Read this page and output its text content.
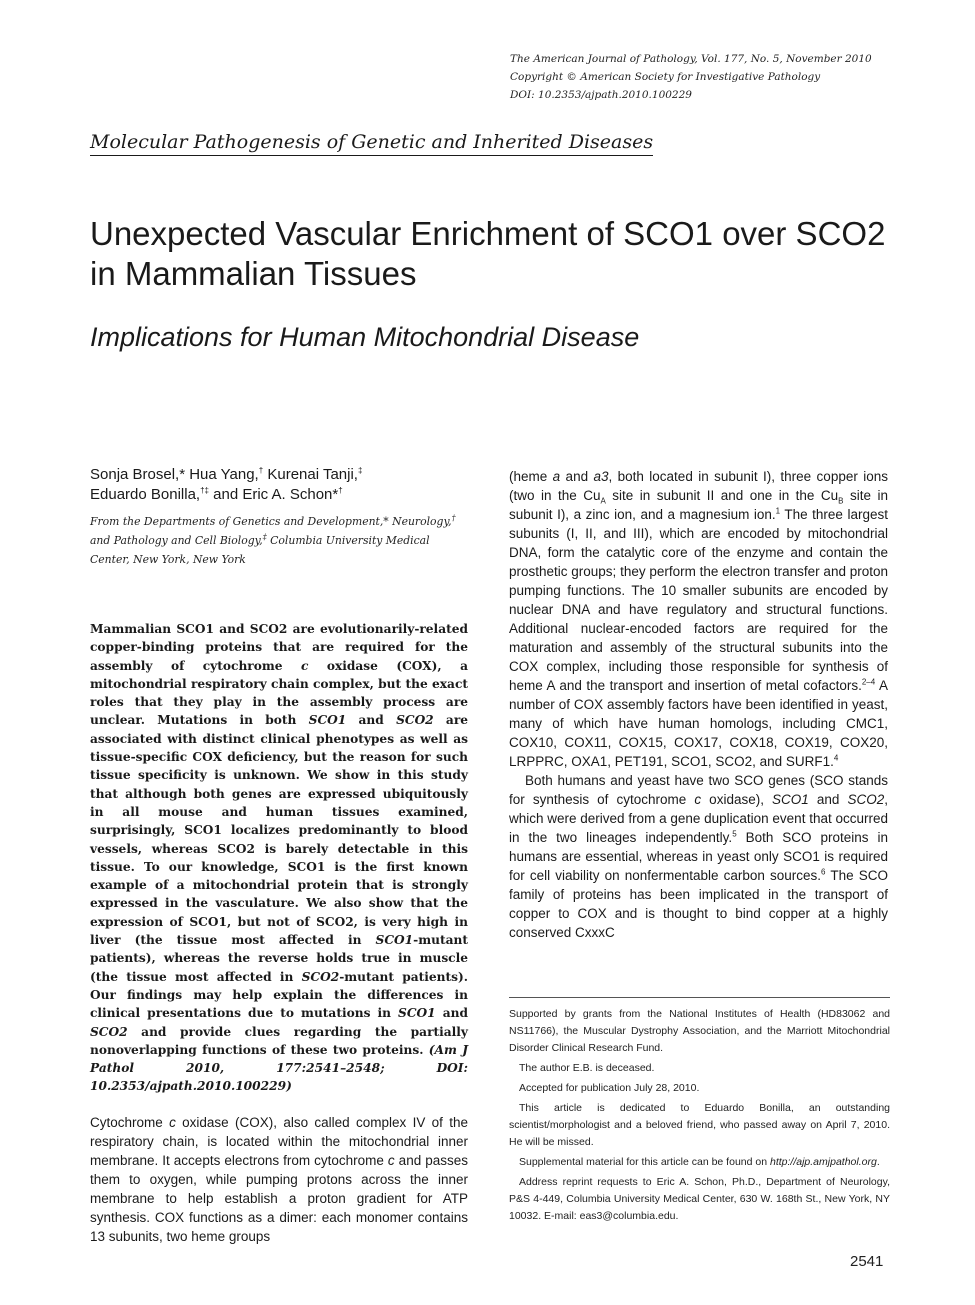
The American Journal of Pathology, Vol. 177, No. 5, November 2010
Copyright © American Society for Investigative Pathology
DOI: 10.2353/ajpath.2010.100229
Molecular Pathogenesis of Genetic and Inherited Diseases
Unexpected Vascular Enrichment of SCO1 over SCO2 in Mammalian Tissues
Implications for Human Mitochondrial Disease
Sonja Brosel,* Hua Yang,† Kurenai Tanji,‡
Eduardo Bonilla,†‡ and Eric A. Schon*†
From the Departments of Genetics and Development,* Neurology,† and Pathology and Cell Biology,‡ Columbia University Medical Center, New York, New York
Mammalian SCO1 and SCO2 are evolutionarily-related copper-binding proteins that are required for the assembly of cytochrome c oxidase (COX), a mitochondrial respiratory chain complex, but the exact roles that they play in the assembly process are unclear. Mutations in both SCO1 and SCO2 are associated with distinct clinical phenotypes as well as tissue-specific COX deficiency, but the reason for such tissue specificity is unknown. We show in this study that although both genes are expressed ubiquitously in all mouse and human tissues examined, surprisingly, SCO1 localizes predominantly to blood vessels, whereas SCO2 is barely detectable in this tissue. To our knowledge, SCO1 is the first known example of a mitochondrial protein that is strongly expressed in the vasculature. We also show that the expression of SCO1, but not of SCO2, is very high in liver (the tissue most affected in SCO1-mutant patients), whereas the reverse holds true in muscle (the tissue most affected in SCO2-mutant patients). Our findings may help explain the differences in clinical presentations due to mutations in SCO1 and SCO2 and provide clues regarding the partially nonoverlapping functions of these two proteins. (Am J Pathol 2010, 177:2541–2548; DOI: 10.2353/ajpath.2010.100229)

Cytochrome c oxidase (COX), also called complex IV of the respiratory chain, is located within the mitochondrial inner membrane. It accepts electrons from cytochrome c and passes them to oxygen, while pumping protons across the inner membrane to help establish a proton gradient for ATP synthesis. COX functions as a dimer: each monomer contains 13 subunits, two heme groups

(heme a and a3, both located in subunit I), three copper ions (two in the $Cu_A$ site in subunit II and one in the $Cu_B$ site in subunit I), a zinc ion, and a magnesium ion.$^1$ The three largest subunits (I, II, and III), which are encoded by mitochondrial DNA, form the catalytic core of the enzyme and contain the prosthetic groups; they perform the electron transfer and proton pumping functions. The 10 smaller subunits are encoded by nuclear DNA and have regulatory and structural functions. Additional nuclear-encoded factors are required for the maturation and assembly of the structural subunits into the COX complex, including those responsible for synthesis of heme A and the transport and insertion of metal cofactors.$^{2-4}$ A number of COX assembly factors have been identified in yeast, many of which have human homologs, including CMC1, COX10, COX11, COX15, COX17, COX18, COX19, COX20, LRPPRC, OXA1, PET191, SCO1, SCO2, and SURF1.$^4$

Both humans and yeast have two SCO genes (SCO stands for synthesis of cytochrome c oxidase), SCO1 and SCO2, which were derived from a gene duplication event that occurred in the two lineages independently.$^5$ Both SCO proteins in humans are essential, whereas in yeast only SCO1 is required for cell viability on nonfermentable carbon sources.$^6$ The SCO family of proteins has been implicated in the transport of copper to COX and is thought to bind copper at a highly conserved CxxxC

Supported by grants from the National Institutes of Health (HD83062 and NS11766), the Muscular Dystrophy Association, and the Marriott Mitochondrial Disorder Clinical Research Fund.

The author E.B. is deceased.

Accepted for publication July 28, 2010.

This article is dedicated to Eduardo Bonilla, an outstanding scientist/morphologist and a beloved friend, who passed away on April 7, 2010. He will be missed.

Supplemental material for this article can be found on http://ajp.amjpathol.org.

Address reprint requests to Eric A. Schon, Ph.D., Department of Neurology, P&S 4-449, Columbia University Medical Center, 630 W. 168th St., New York, NY 10032. E-mail: eas3@columbia.edu.

2541
